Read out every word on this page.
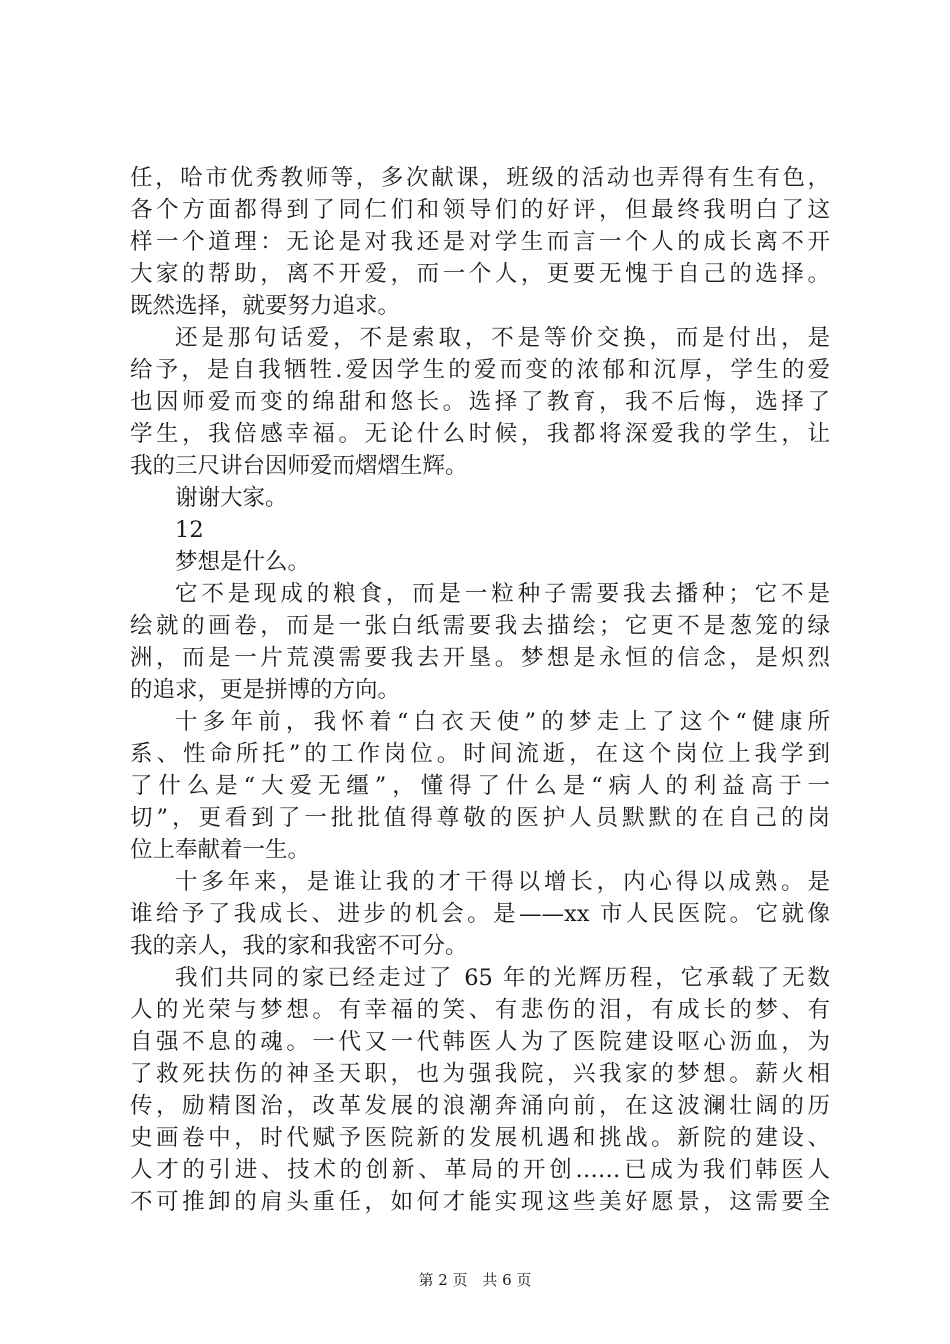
任，哈市优秀教师等，多次献课，班级的活动也弄得有生有色，
各个方面都得到了同仁们和领导们的好评，但最终我明白了这
样一个道理：无论是对我还是对学生而言一个人的成长离不开
大家的帮助，离不开爱，而一个人，更要无愧于自己的选择。
既然选择，就要努力追求。
还是那句话爱，不是索取，不是等价交换，而是付出，是
给予，是自我牺牲.爱因学生的爱而变的浓郁和沉厚，学生的爱
也因师爱而变的绵甜和悠长。选择了教育，我不后悔，选择了
学生，我倍感幸福。无论什么时候，我都将深爱我的学生，让
我的三尺讲台因师爱而熠熠生辉。
谢谢大家。
12
梦想是什么。
它不是现成的粮食，而是一粒种子需要我去播种；它不是
绘就的画卷，而是一张白纸需要我去描绘；它更不是葱笼的绿
洲，而是一片荒漠需要我去开垦。梦想是永恒的信念，是炽烈
的追求，更是拼博的方向。
十多年前，我怀着“白衣天使”的梦走上了这个“健康所
系、性命所托”的工作岗位。时间流逝，在这个岗位上我学到
了什么是“大爱无缰”，懂得了什么是“病人的利益高于一
切”，更看到了一批批值得尊敬的医护人员默默的在自己的岗
位上奉献着一生。
十多年来，是谁让我的才干得以增长，内心得以成熟。是
谁给予了我成长、进步的机会。是——xx 市人民医院。它就像
我的亲人，我的家和我密不可分。
我们共同的家已经走过了 65 年的光辉历程，它承载了无数
人的光荣与梦想。有幸福的笑、有悲伤的泪，有成长的梦、有
自强不息的魂。一代又一代韩医人为了医院建设呕心沥血，为
了救死扶伤的神圣天职，也为强我院，兴我家的梦想。薪火相
传，励精图治，改革发展的浪潮奔涌向前，在这波澜壮阔的历
史画卷中，时代赋予医院新的发展机遇和挑战。新院的建设、
人才的引进、技术的创新、革局的开创……已成为我们韩医人
不可推卸的肩头重任，如何才能实现这些美好愿景，这需要全
第 2 页 共 6 页
